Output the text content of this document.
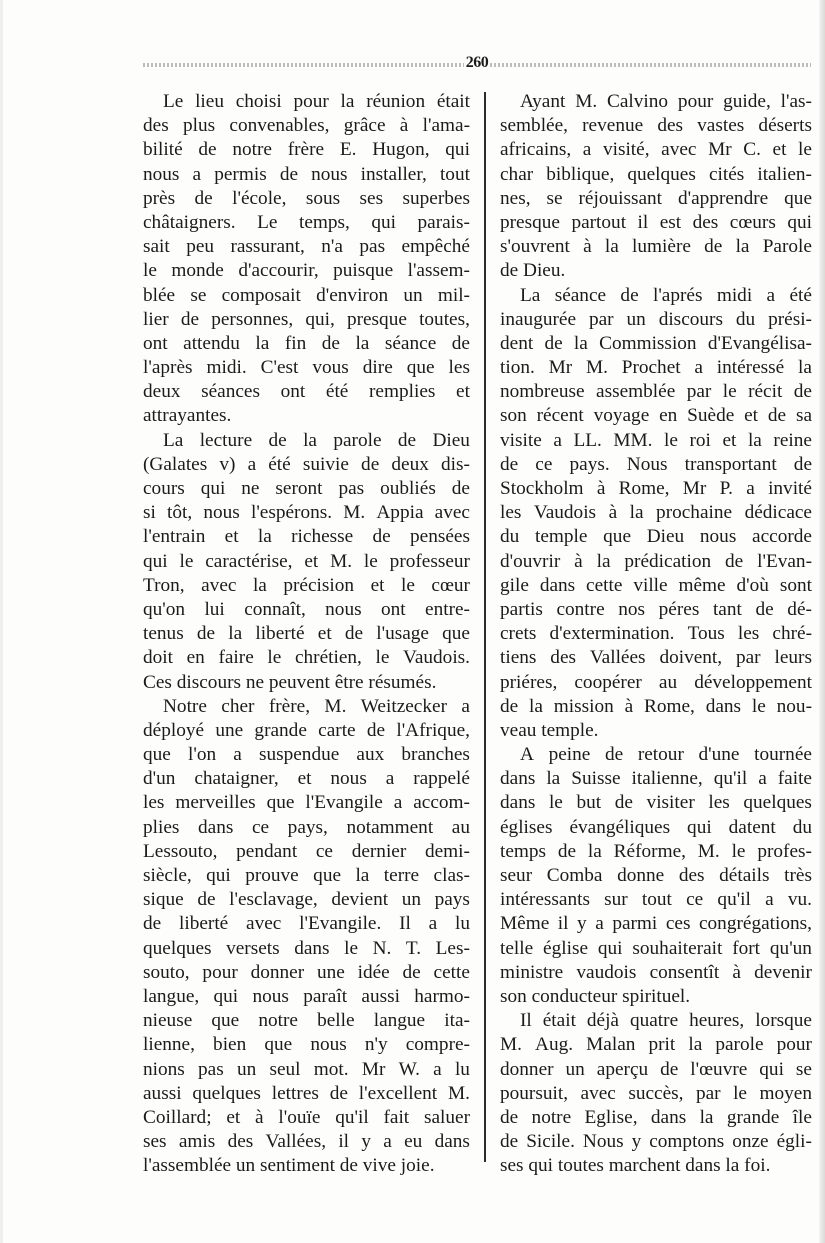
260
Le lieu choisi pour la réunion était
des plus convenables, grâce à l'ama-
bilité de notre frère E. Hugon, qui
nous a permis de nous installer, tout
près de l'école, sous ses superbes
châtaigners. Le temps, qui parais-
sait peu rassurant, n'a pas empêché
le monde d'accourir, puisque l'assem-
blée se composait d'environ un mil-
lier de personnes, qui, presque toutes,
ont attendu la fin de la séance de
l'après midi. C'est vous dire que les
deux séances ont été remplies et
attrayantes.
La lecture de la parole de Dieu
(Galates v) a été suivie de deux dis-
cours qui ne seront pas oubliés de
si tôt, nous l'espérons. M. Appia avec
l'entrain et la richesse de pensées
qui le caractérise, et M. le professeur
Tron, avec la précision et le cœur
qu'on lui connaît, nous ont entre-
tenus de la liberté et de l'usage que
doit en faire le chrétien, le Vaudois.
Ces discours ne peuvent être résumés.
Notre cher frère, M. Weitzecker a
déployé une grande carte de l'Afrique,
que l'on a suspendue aux branches
d'un chataigner, et nous a rappelé
les merveilles que l'Evangile a accom-
plies dans ce pays, notamment au
Lessouto, pendant ce dernier demi-
siècle, qui prouve que la terre clas-
sique de l'esclavage, devient un pays
de liberté avec l'Evangile. Il a lu
quelques versets dans le N. T. Les-
souto, pour donner une idée de cette
langue, qui nous paraît aussi harmo-
nieuse que notre belle langue ita-
lienne, bien que nous n'y compre-
nions pas un seul mot. Mr W. a lu
aussi quelques lettres de l'excellent M.
Coillard; et à l'ouïe qu'il fait saluer
ses amis des Vallées, il y a eu dans
l'assemblée un sentiment de vive joie.
Ayant M. Calvino pour guide, l'as-
semblée, revenue des vastes déserts
africains, a visité, avec Mr C. et le
char biblique, quelques cités italien-
nes, se réjouissant d'apprendre que
presque partout il est des cœurs qui
s'ouvrent à la lumière de la Parole
de Dieu.
La séance de l'aprés midi a été
inaugurée par un discours du prési-
dent de la Commission d'Evangélisa-
tion. Mr M. Prochet a intéressé la
nombreuse assemblée par le récit de
son récent voyage en Suède et de sa
visite a LL. MM. le roi et la reine
de ce pays. Nous transportant de
Stockholm à Rome, Mr P. a invité
les Vaudois à la prochaine dédicace
du temple que Dieu nous accorde
d'ouvrir à la prédication de l'Evan-
gile dans cette ville même d'où sont
partis contre nos péres tant de dé-
crets d'extermination. Tous les chré-
tiens des Vallées doivent, par leurs
priéres, coopérer au développement
de la mission à Rome, dans le nou-
veau temple.
A peine de retour d'une tournée
dans la Suisse italienne, qu'il a faite
dans le but de visiter les quelques
églises évangéliques qui datent du
temps de la Réforme, M. le profes-
seur Comba donne des détails très
intéressants sur tout ce qu'il a vu.
Même il y a parmi ces congrégations,
telle église qui souhaiterait fort qu'un
ministre vaudois consentît à devenir
son conducteur spirituel.
Il était déjà quatre heures, lorsque
M. Aug. Malan prit la parole pour
donner un aperçu de l'œuvre qui se
poursuit, avec succès, par le moyen
de notre Eglise, dans la grande île
de Sicile. Nous y comptons onze égli-
ses qui toutes marchent dans la foi.
